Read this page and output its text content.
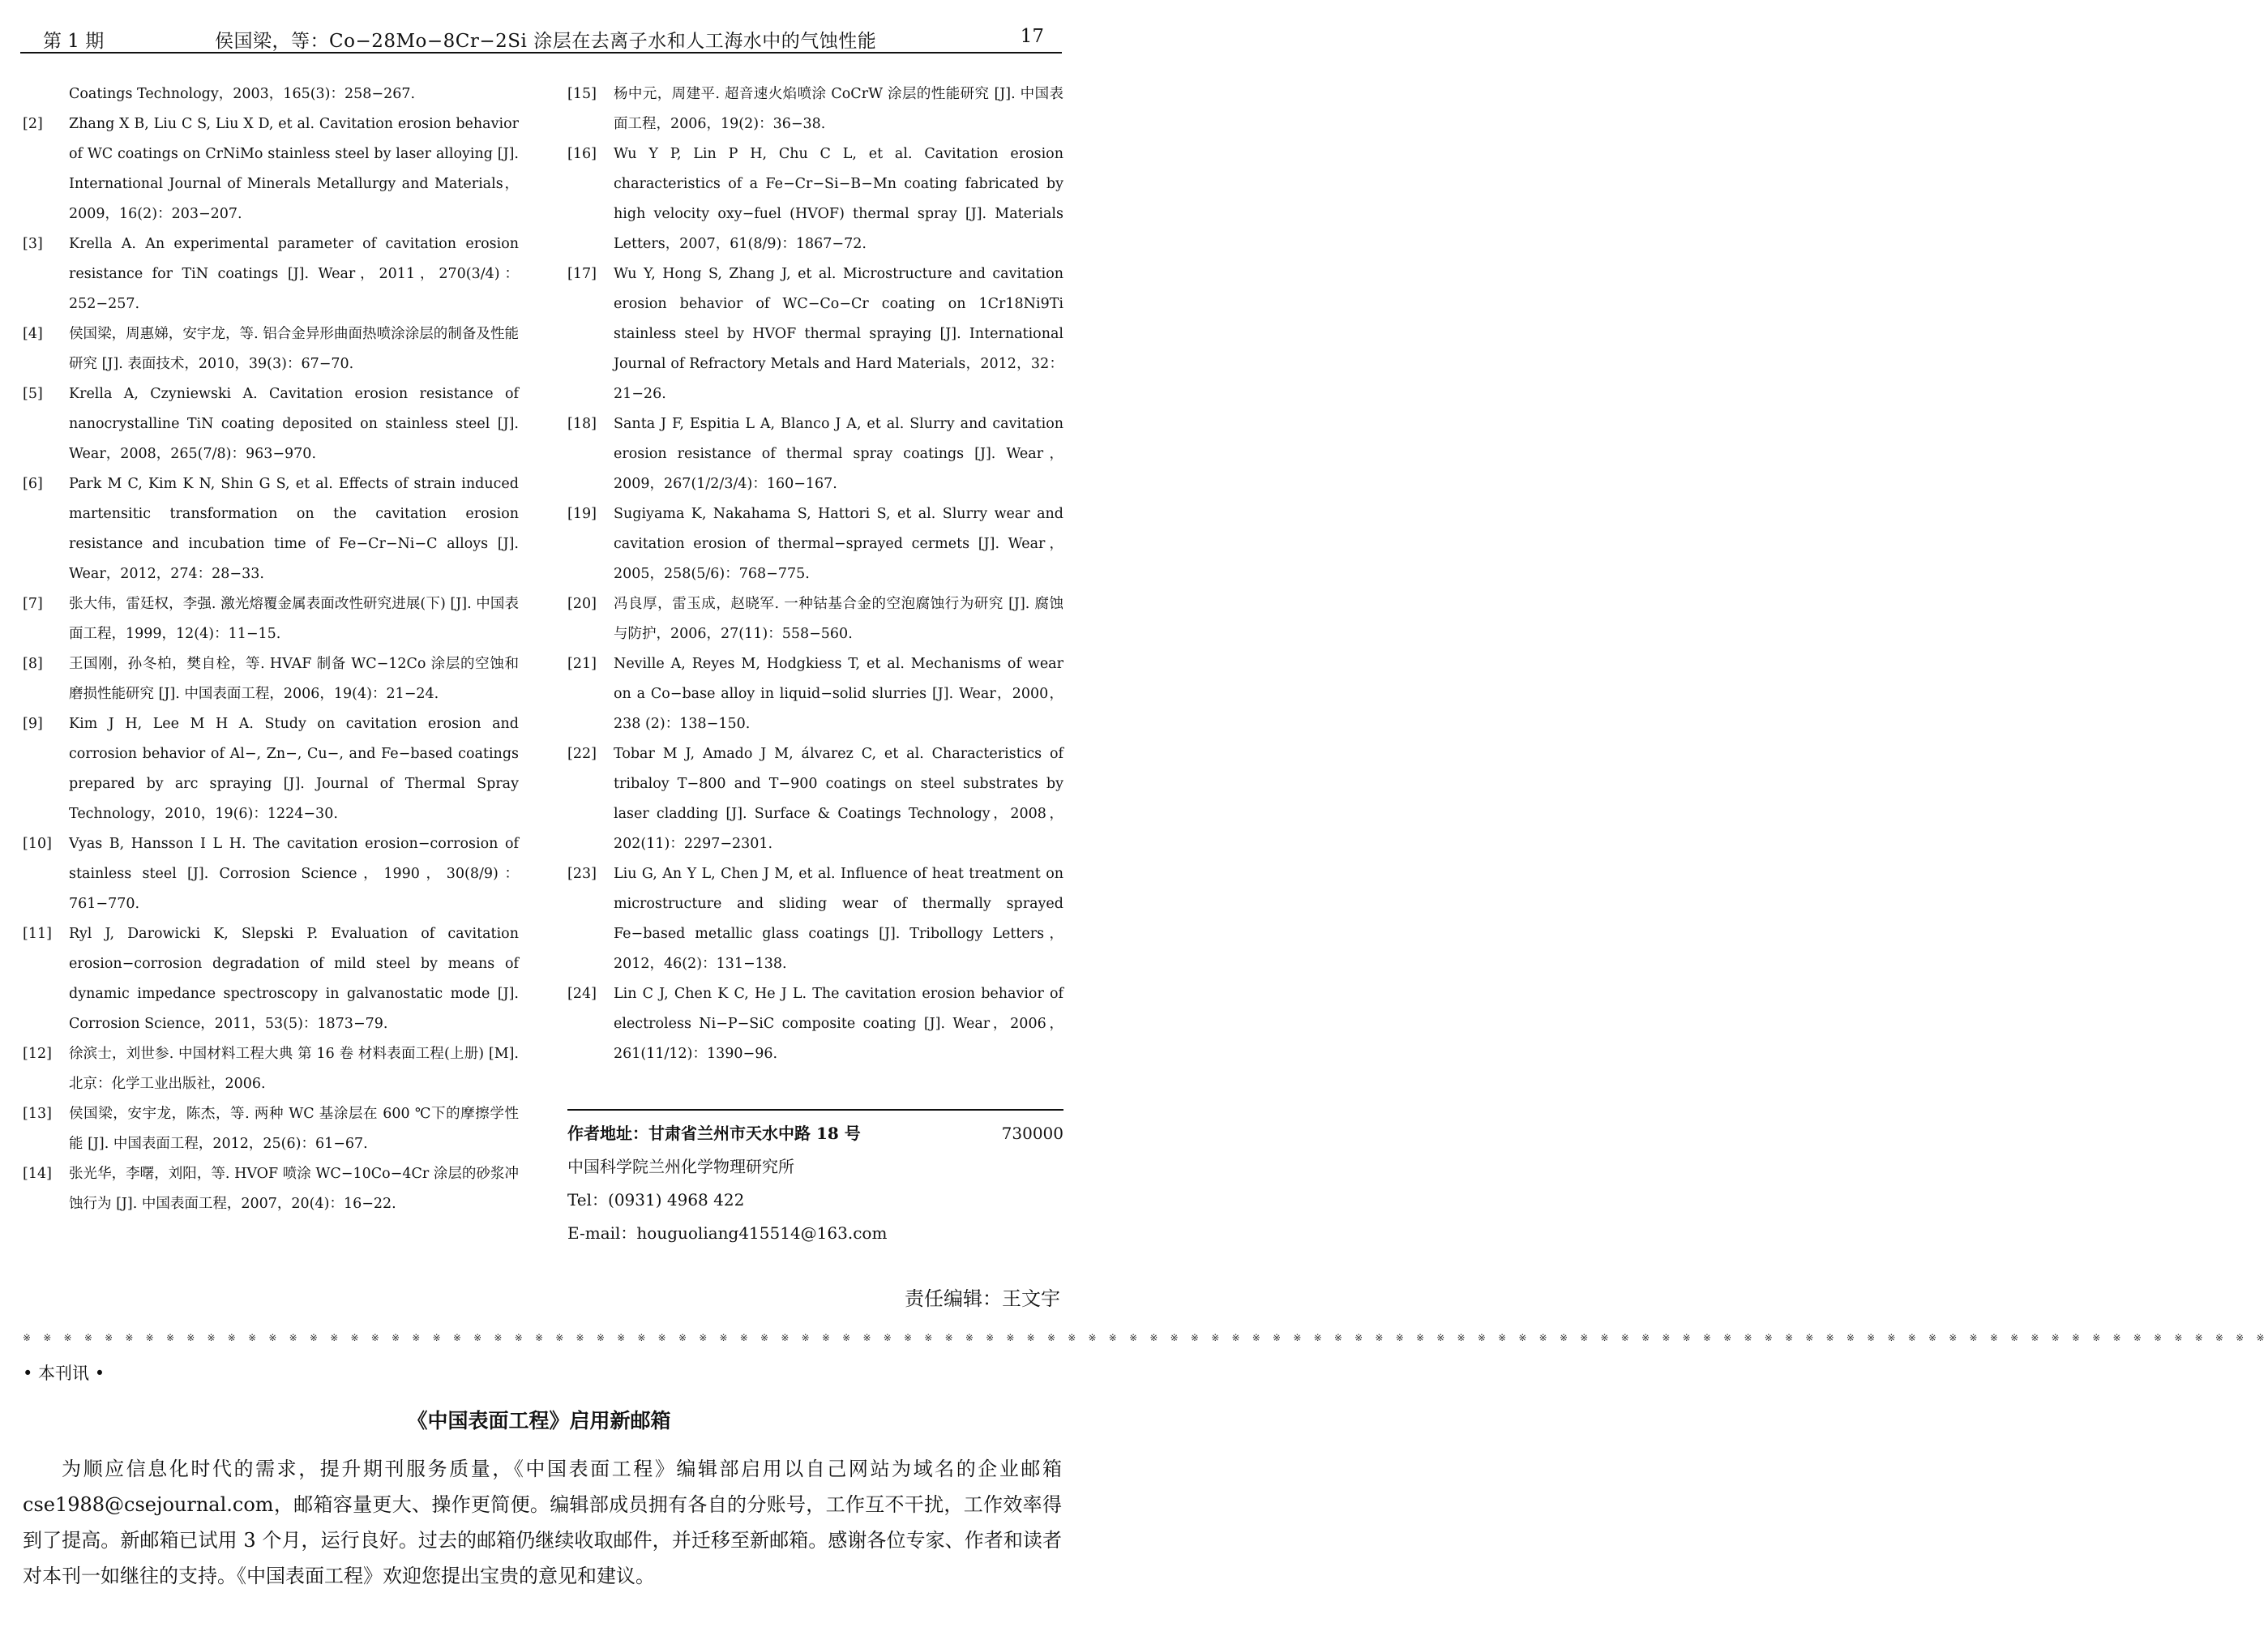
第 1 期	侯国梁，等：Co−28Mo−8Cr−2Si 涂层在去离子水和人工海水中的气蚀性能	17
Coatings Technology，2003，165(3)：258−267.
[2]	Zhang X B, Liu C S, Liu X D, et al. Cavitation erosion behavior of WC coatings on CrNiMo stainless steel by laser alloying [J]. International Journal of Minerals Metallurgy and Materials，2009，16(2)：203−207.
[3]	Krella A. An experimental parameter of cavitation erosion resistance for TiN coatings [J]. Wear，2011，270(3/4)：252−257.
[4]	侯国梁，周惠娣，安宇龙，等. 铝合金异形曲面热喷涂涂层的制备及性能研究 [J]. 表面技术，2010，39(3)：67−70.
[5]	Krella A, Czyniewski A. Cavitation erosion resistance of nanocrystalline TiN coating deposited on stainless steel [J]. Wear，2008，265(7/8)：963−970.
[6]	Park M C, Kim K N, Shin G S, et al. Effects of strain induced martensitic transformation on the cavitation erosion resistance and incubation time of Fe−Cr−Ni−C alloys [J]. Wear，2012，274：28−33.
[7]	张大伟，雷廷权，李强. 激光熔覆金属表面改性研究进展(下) [J]. 中国表面工程，1999，12(4)：11−15.
[8]	王国刚，孙冬柏，樊自栓，等. HVAF 制备 WC−12Co 涂层的空蚀和磨损性能研究 [J]. 中国表面工程，2006，19(4)：21−24.
[9]	Kim J H, Lee M H A. Study on cavitation erosion and corrosion behavior of Al−, Zn−, Cu−, and Fe−based coatings prepared by arc spraying [J]. Journal of Thermal Spray Technology，2010，19(6)：1224−30.
[10]	Vyas B, Hansson I L H. The cavitation erosion−corrosion of stainless steel [J]. Corrosion Science，1990，30(8/9)：761−770.
[11]	Ryl J, Darowicki K, Slepski P. Evaluation of cavitation erosion−corrosion degradation of mild steel by means of dynamic impedance spectroscopy in galvanostatic mode [J]. Corrosion Science，2011，53(5)：1873−79.
[12]	徐滨士，刘世参. 中国材料工程大典 第 16 卷 材料表面工程(上册) [M]. 北京：化学工业出版社，2006.
[13]	侯国梁，安宇龙，陈杰，等. 两种 WC 基涂层在 600 ℃下的摩擦学性能 [J]. 中国表面工程，2012，25(6)：61−67.
[14]	张光华，李曙，刘阳，等. HVOF 喷涂 WC−10Co−4Cr 涂层的砂浆冲蚀行为 [J]. 中国表面工程，2007，20(4)：16−22.
[15]	杨中元，周建平. 超音速火焰喷涂 CoCrW 涂层的性能研究 [J]. 中国表面工程，2006，19(2)：36−38.
[16]	Wu Y P, Lin P H, Chu C L, et al. Cavitation erosion characteristics of a Fe−Cr−Si−B−Mn coating fabricated by high velocity oxy−fuel (HVOF) thermal spray [J]. Materials Letters，2007，61(8/9)：1867−72.
[17]	Wu Y, Hong S, Zhang J, et al. Microstructure and cavitation erosion behavior of WC−Co−Cr coating on 1Cr18Ni9Ti stainless steel by HVOF thermal spraying [J]. International Journal of Refractory Metals and Hard Materials，2012，32：21−26.
[18]	Santa J F, Espitia L A, Blanco J A, et al. Slurry and cavitation erosion resistance of thermal spray coatings [J]. Wear，2009，267(1/2/3/4)：160−167.
[19]	Sugiyama K, Nakahama S, Hattori S, et al. Slurry wear and cavitation erosion of thermal−sprayed cermets [J]. Wear，2005，258(5/6)：768−775.
[20]	冯良厚，雷玉成，赵晓军. 一种钴基合金的空泡腐蚀行为研究 [J]. 腐蚀与防护，2006，27(11)：558−560.
[21]	Neville A, Reyes M, Hodgkiess T, et al. Mechanisms of wear on a Co−base alloy in liquid−solid slurries [J]. Wear，2000，238 (2)：138−150.
[22]	Tobar M J, Amado J M, álvarez C, et al. Characteristics of tribaloy T−800 and T−900 coatings on steel substrates by laser cladding [J]. Surface & Coatings Technology，2008，202(11)：2297−2301.
[23]	Liu G, An Y L, Chen J M, et al. Influence of heat treatment on microstructure and sliding wear of thermally sprayed Fe−based metallic glass coatings [J]. Tribollogy Letters，2012，46(2)：131−138.
[24]	Lin C J, Chen K C, He J L. The cavitation erosion behavior of electroless Ni−P−SiC composite coating [J]. Wear，2006，261(11/12)：1390−96.
作者地址：甘肃省兰州市天水中路 18 号	730000
中国科学院兰州化学物理研究所
Tel：(0931) 4968 422
E-mail：houguoliang415514@163.com
责任编辑：王文宇
※ ※ ※ ※ ※ ※ ※ ※ ※ ※ ※ ※ ※ ※ ※ ※ ※ ※ ※ ※ ※ ※ ※ ※ ※ ※ ※ ※ ※ ※ ※ ※ ※ ※ ※ ※ ※ ※ ※ ※ ※ ※ ※ ※ ※ ※ ※ ※ ※ ※ ※ ※ ※ ※ ※ ※ ※ ※ ※ ※ ※ ※ ※ ※ ※ ※ ※ ※ ※ ※ ※ ※ ※ ※ ※ ※ ※ ※ ※ ※ ※ ※ ※ ※ ※ ※ ※ ※ ※ ※ ※ ※ ※ ※ ※ ※ ※ ※ ※ ※ ※ ※ ※ ※ ※ ※ ※ ※ ※ ※
• 本刊讯 •
《中国表面工程》启用新邮箱
为顺应信息化时代的需求，提升期刊服务质量，《中国表面工程》编辑部启用以自己网站为域名的企业邮箱 cse1988@csejournal.com，邮箱容量更大、操作更简便。编辑部成员拥有各自的分账号，工作互不干扰，工作效率得到了提高。新邮箱已试用 3 个月，运行良好。过去的邮箱仍继续收取邮件，并迁移至新邮箱。感谢各位专家、作者和读者对本刊一如继往的支持。《中国表面工程》欢迎您提出宝贵的意见和建议。
